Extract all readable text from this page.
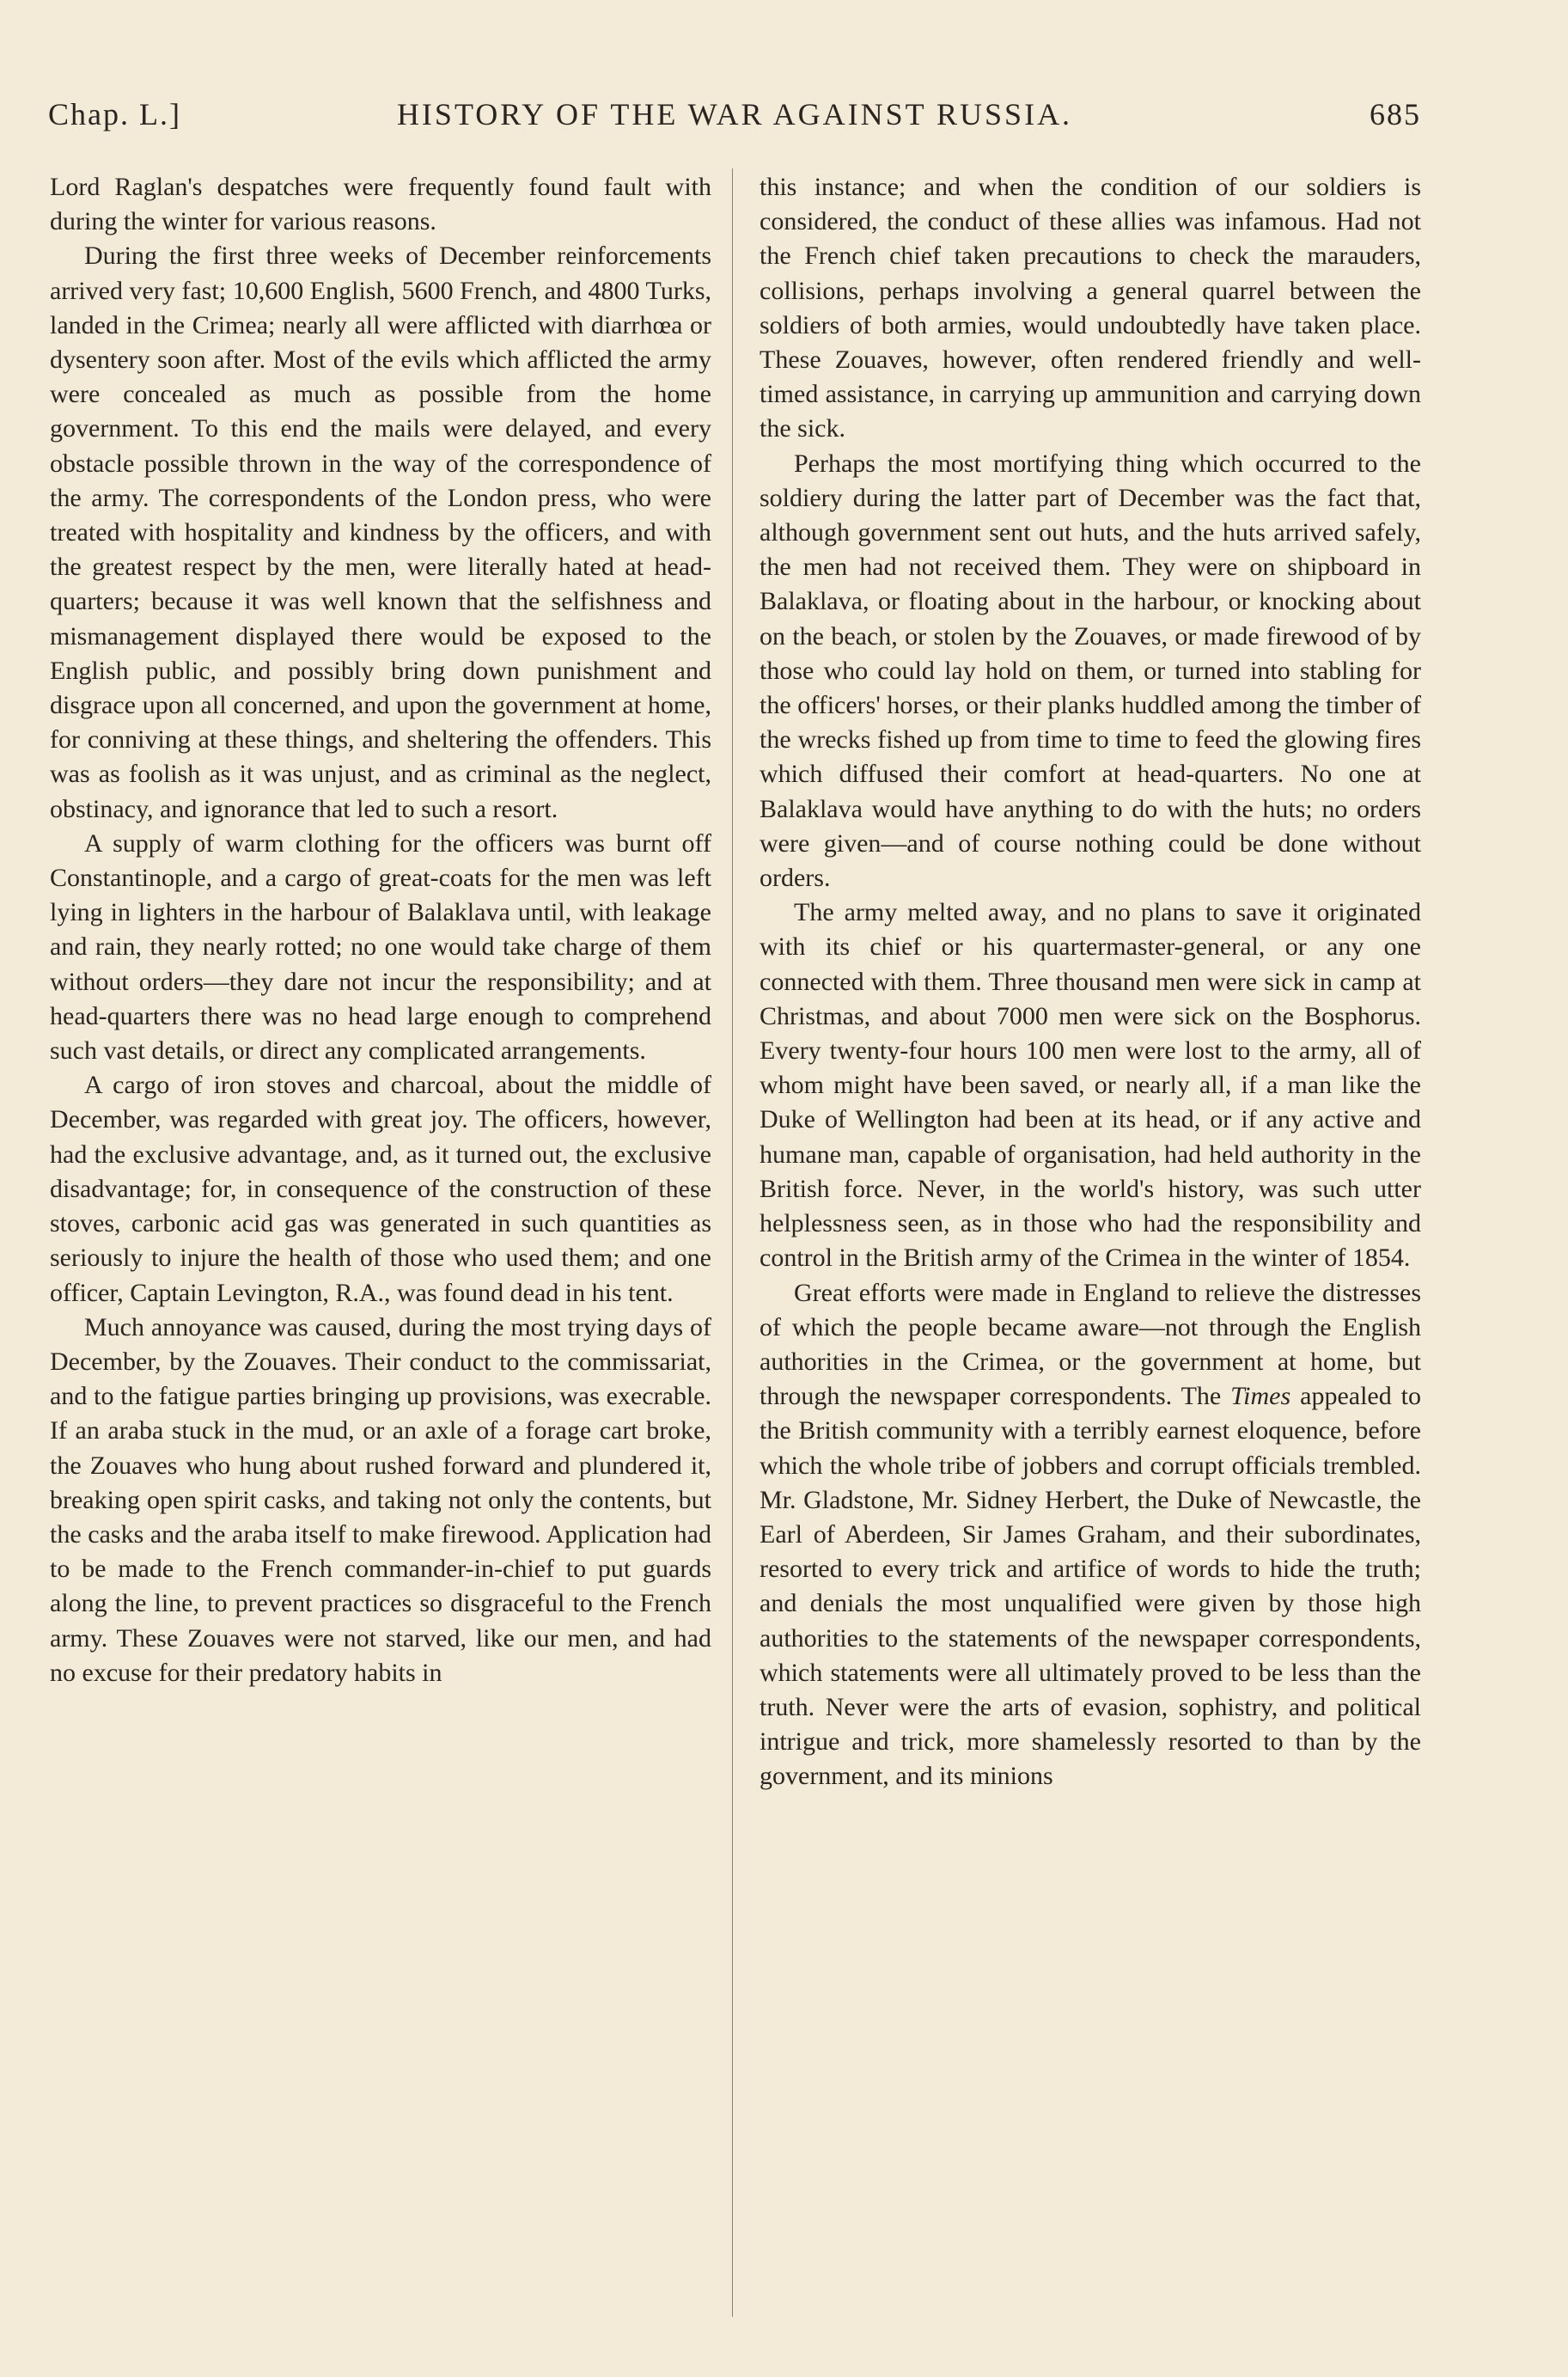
Chap. L.]	HISTORY OF THE WAR AGAINST RUSSIA.	685

Lord Raglan's despatches were frequently found fault with during the winter for various reasons.

During the first three weeks of December reinforcements arrived very fast; 10,600 English, 5600 French, and 4800 Turks, landed in the Crimea; nearly all were afflicted with diarrhœa or dysentery soon after. Most of the evils which afflicted the army were concealed as much as possible from the home government. To this end the mails were delayed, and every obstacle possible thrown in the way of the correspondence of the army. The correspondents of the London press, who were treated with hospitality and kindness by the officers, and with the greatest respect by the men, were literally hated at head-quarters; because it was well known that the selfishness and mismanagement displayed there would be exposed to the English public, and possibly bring down punishment and disgrace upon all concerned, and upon the government at home, for conniving at these things, and sheltering the offenders. This was as foolish as it was unjust, and as criminal as the neglect, obstinacy, and ignorance that led to such a resort.

A supply of warm clothing for the officers was burnt off Constantinople, and a cargo of great-coats for the men was left lying in lighters in the harbour of Balaklava until, with leakage and rain, they nearly rotted; no one would take charge of them without orders—they dare not incur the responsibility; and at head-quarters there was no head large enough to comprehend such vast details, or direct any complicated arrangements.

A cargo of iron stoves and charcoal, about the middle of December, was regarded with great joy. The officers, however, had the exclusive advantage, and, as it turned out, the exclusive disadvantage; for, in consequence of the construction of these stoves, carbonic acid gas was generated in such quantities as seriously to injure the health of those who used them; and one officer, Captain Levington, R.A., was found dead in his tent.

Much annoyance was caused, during the most trying days of December, by the Zouaves. Their conduct to the commissariat, and to the fatigue parties bringing up provisions, was execrable. If an araba stuck in the mud, or an axle of a forage cart broke, the Zouaves who hung about rushed forward and plundered it, breaking open spirit casks, and taking not only the contents, but the casks and the araba itself to make firewood. Application had to be made to the French commander-in-chief to put guards along the line, to prevent practices so disgraceful to the French army. These Zouaves were not starved, like our men, and had no excuse for their predatory habits in

this instance; and when the condition of our soldiers is considered, the conduct of these allies was infamous. Had not the French chief taken precautions to check the marauders, collisions, perhaps involving a general quarrel between the soldiers of both armies, would undoubtedly have taken place. These Zouaves, however, often rendered friendly and well-timed assistance, in carrying up ammunition and carrying down the sick.

Perhaps the most mortifying thing which occurred to the soldiery during the latter part of December was the fact that, although government sent out huts, and the huts arrived safely, the men had not received them. They were on shipboard in Balaklava, or floating about in the harbour, or knocking about on the beach, or stolen by the Zouaves, or made firewood of by those who could lay hold on them, or turned into stabling for the officers' horses, or their planks huddled among the timber of the wrecks fished up from time to time to feed the glowing fires which diffused their comfort at head-quarters. No one at Balaklava would have anything to do with the huts; no orders were given—and of course nothing could be done without orders.

The army melted away, and no plans to save it originated with its chief or his quartermaster-general, or any one connected with them. Three thousand men were sick in camp at Christmas, and about 7000 men were sick on the Bosphorus. Every twenty-four hours 100 men were lost to the army, all of whom might have been saved, or nearly all, if a man like the Duke of Wellington had been at its head, or if any active and humane man, capable of organisation, had held authority in the British force. Never, in the world's history, was such utter helplessness seen, as in those who had the responsibility and control in the British army of the Crimea in the winter of 1854.

Great efforts were made in England to relieve the distresses of which the people became aware—not through the English authorities in the Crimea, or the government at home, but through the newspaper correspondents. The Times appealed to the British community with a terribly earnest eloquence, before which the whole tribe of jobbers and corrupt officials trembled. Mr. Gladstone, Mr. Sidney Herbert, the Duke of Newcastle, the Earl of Aberdeen, Sir James Graham, and their subordinates, resorted to every trick and artifice of words to hide the truth; and denials the most unqualified were given by those high authorities to the statements of the newspaper correspondents, which statements were all ultimately proved to be less than the truth. Never were the arts of evasion, sophistry, and political intrigue and trick, more shamelessly resorted to than by the government, and its minions
